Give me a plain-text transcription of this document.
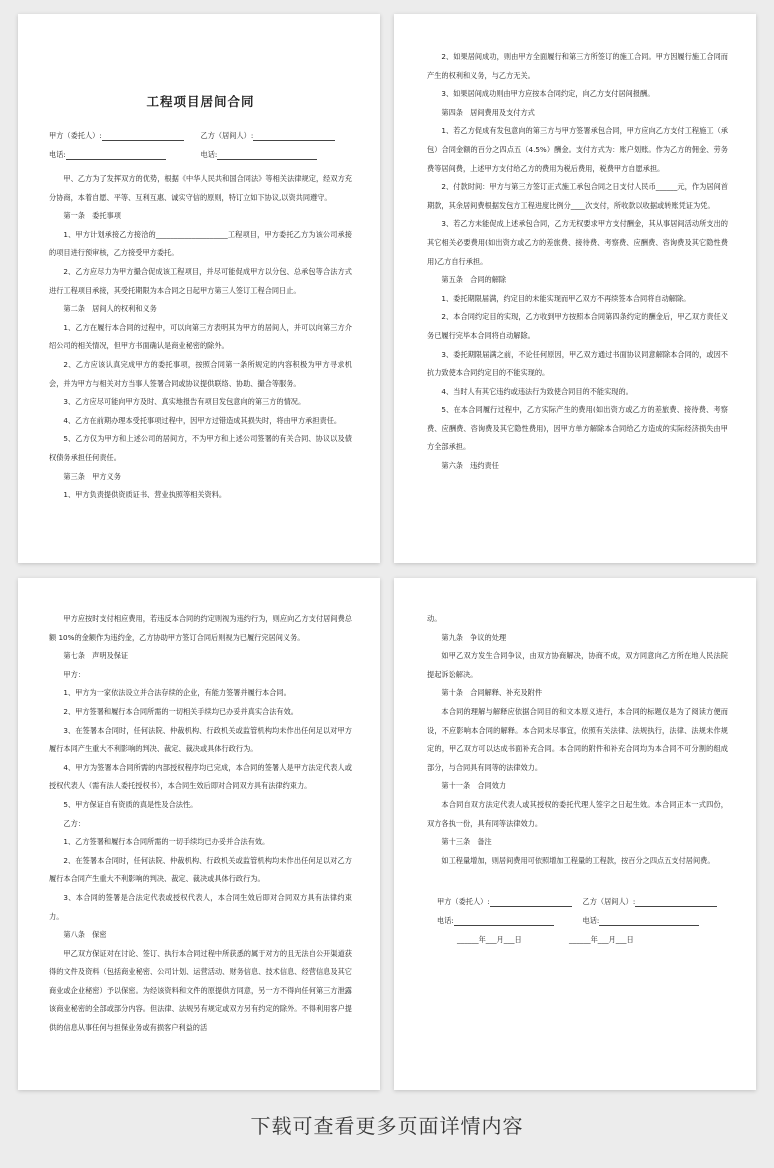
工程项目居间合同
甲方（委托人）:	乙方（居间人）:
电话:	电话:

甲、乙方为了发挥双方的优势，根据《中华人民共和国合同法》等相关法律规定，经双方充分协商，本着自愿、平等、互利互惠、诚实守信的原则，特订立如下协议,以资共同遵守。

第一条　委托事项

1、甲方计划承接乙方接洽的____________________工程项目，甲方委托乙方为该公司承接的项目进行预审核，乙方接受甲方委托。

2、乙方应尽力为甲方撮合促成该工程项目，并尽可能促成甲方以分包、总承包等合法方式进行工程项目承接，其受托期限为本合同之日起甲方第三人签订工程合同日止。

第二条　居间人的权利和义务

1、乙方在履行本合同的过程中，可以向第三方表明其为甲方的居间人，并可以向第三方介绍公司的相关情况，但甲方书面确认是商业秘密的除外。

2、乙方应该认真完成甲方的委托事项，按照合同第一条所规定的内容积极为甲方寻求机会，并为甲方与相关对方当事人签署合同或协议提供联络、协助、撮合等服务。

3、乙方应尽可能向甲方及时、真实地报告有项目发包意向的第三方的情况。

4、乙方在前期办理本受托事项过程中，因甲方过错造成其损失时，将由甲方承担责任。

5、乙方仅为甲方和上述公司的居间方，不为甲方和上述公司签署的有关合同、协议以及债权债务承担任何责任。

第三条　甲方义务

1、甲方负责提供资质证书、营业执照等相关资料。

2、如果居间成功，则由甲方全面履行和第三方所签订的施工合同。甲方因履行施工合同而产生的权利和义务，与乙方无关。

3、如果居间成功则由甲方应按本合同约定，向乙方支付居间报酬。

第四条　居间费用及支付方式

1、若乙方促成有发包意向的第三方与甲方签署承包合同，甲方应向乙方支付工程施工（承包）合同金额的百分之四点五（4.5%）酬金。支付方式为：账户划账。作为乙方的佣金、劳务费等居间费，上述甲方支付给乙方的费用为税后费用，税费甲方自愿承担。

2、付款时间：甲方与第三方签订正式施工承包合同之日支付人民币______元，作为居间首期款，其余居间费根据发包方工程进度比例分____次支付，所收款以收据或转账凭证为凭。

3、若乙方未能促成上述承包合同，乙方无权要求甲方支付酬金，其从事居间活动所支出的其它相关必要费用(如出资方或乙方的差旅费、接待费、考察费、应酬费、咨询费及其它隐性费用)乙方自行承担。

第五条　合同的解除

1、委托期限届满，约定目的未能实现而甲乙双方不再续签本合同将自动解除。

2、本合同约定目的实现，乙方收到甲方按照本合同第四条约定的酬金后，甲乙双方责任义务已履行完毕本合同将自动解除。

3、委托期限届满之前，不论任何原因，甲乙双方通过书面协议同意解除本合同的，或因不抗力致使本合同约定目的不能实现的。

4、当时人有其它违约或违法行为致使合同目的不能实现的。

5、在本合同履行过程中，乙方实际产生的费用(如出资方或乙方的差旅费、接待费、考察费、应酬费、咨询费及其它隐性费用)，因甲方单方解除本合同给乙方造成的实际经济损失由甲方全部承担。

第六条　违约责任

甲方应按时支付相应费用，若违反本合同的约定则视为违约行为，则应向乙方支付居间费总额 10%的金额作为违约金，乙方协助甲方签订合同后则视为已履行完居间义务。

第七条　声明及保证

甲方：

1、甲方为一家依法设立并合法存续的企业，有能力签署并履行本合同。

2、甲方签署和履行本合同所需的一切相关手续均已办妥并真实合法有效。

3、在签署本合同时，任何法院、仲裁机构、行政机关或监管机构均未作出任何足以对甲方履行本同产生重大不利影响的判决、裁定、裁决或具体行政行为。

4、甲方为签署本合同所需的内部授权程序均已完成，本合同的签署人是甲方法定代表人或授权代表人（需有法人委托授权书），本合同生效后即对合同双方具有法律约束力。

5、甲方保证自有资质的真是性及合法性。

乙方：

1、乙方签署和履行本合同所需的一切手续均已办妥并合法有效。

2、在签署本合同时，任何法院、仲裁机构、行政机关或监管机构均未作出任何足以对乙方履行本合同产生重大不利影响的判决、裁定、裁决或具体行政行为。

3、本合同的签署是合法定代表或授权代表人，本合同生效后即对合同双方具有法律约束力。

第八条　保密

甲乙双方保证对在讨论、签订、执行本合同过程中所获悉的属于对方的且无法自公开渠道获得的文件及资料（包括商业秘密、公司计划、运营活动、财务信息、技术信息、经营信息及其它商业或企业秘密）予以保密。为经该资料和文件的原提供方同意，另一方不得向任何第三方泄露该商业秘密的全部或部分内容。但法律、法规另有规定或双方另有约定的除外。不得利用客户提供的信息从事任何与担保业务或有损客户利益的活

动。

第九条　争议的处理

如甲乙双方发生合同争议，由双方协商解决，协商不成，双方同意向乙方所在地人民法院提起诉讼解决。

第十条　合同解释、补充及附件

本合同的理解与解释应依据合同目的和文本原义进行，本合同的标题仅是为了阅读方便而设，不应影响本合同的解释。本合同未尽事宜，依照有关法律、法规执行，法律、法规未作规定的，甲乙双方可以达成书面补充合同。本合同的附件和补充合同均为本合同不可分割的组成部分，与合同具有同等的法律效力。

第十一条　合同效力

本合同自双方法定代表人或其授权的委托代理人签字之日起生效。本合同正本一式四份，双方各执一份，具有同等法律效力。

第十三条　备注

如工程量增加，则居间费用可依照增加工程量的工程款，按百分之四点五支付居间费。

甲方（委托人）:	乙方（居间人）:
电话:	电话:
______年___月___日	______年___月___日
下载可查看更多页面详情内容
